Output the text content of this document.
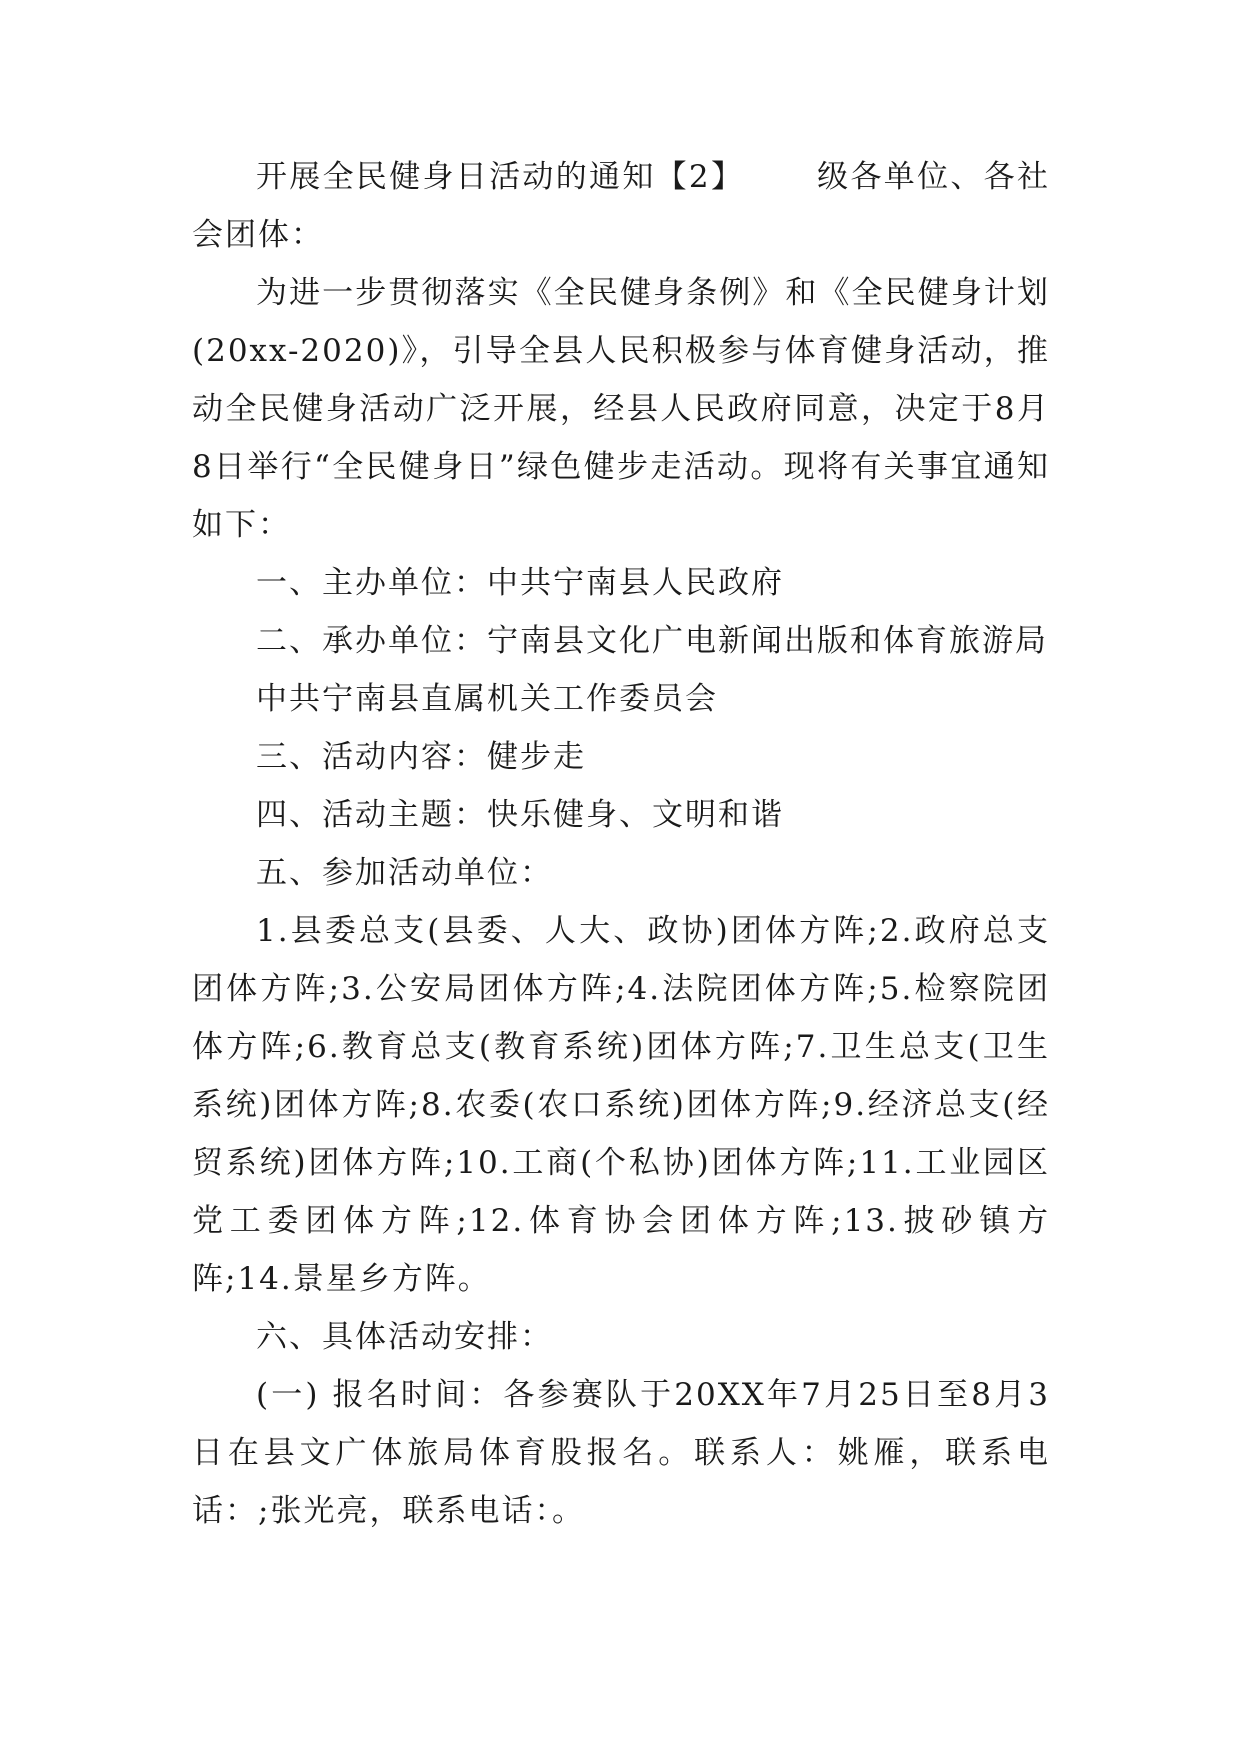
开展全民健身日活动的通知【2】      级各单位、各社会团体：

为进一步贯彻落实《全民健身条例》和《全民健身计划(20xx-2020)》，引导全县人民积极参与体育健身活动，推动全民健身活动广泛开展，经县人民政府同意，决定于8月8日举行“全民健身日”绿色健步走活动。现将有关事宜通知如下：

一、主办单位：中共宁南县人民政府

二、承办单位：宁南县文化广电新闻出版和体育旅游局

中共宁南县直属机关工作委员会

三、活动内容：健步走

四、活动主题：快乐健身、文明和谐

五、参加活动单位：

1.县委总支(县委、人大、政协)团体方阵;2.政府总支团体方阵;3.公安局团体方阵;4.法院团体方阵;5.检察院团体方阵;6.教育总支(教育系统)团体方阵;7.卫生总支(卫生系统)团体方阵;8.农委(农口系统)团体方阵;9.经济总支(经贸系统)团体方阵;10.工商(个私协)团体方阵;11.工业园区党工委团体方阵;12.体育协会团体方阵;13.披砂镇方阵;14.景星乡方阵。

六、具体活动安排：

(一) 报名时间：各参赛队于20XX年7月25日至8月3日在县文广体旅局体育股报名。联系人：姚雁，联系电话：;张光亮，联系电话：。
